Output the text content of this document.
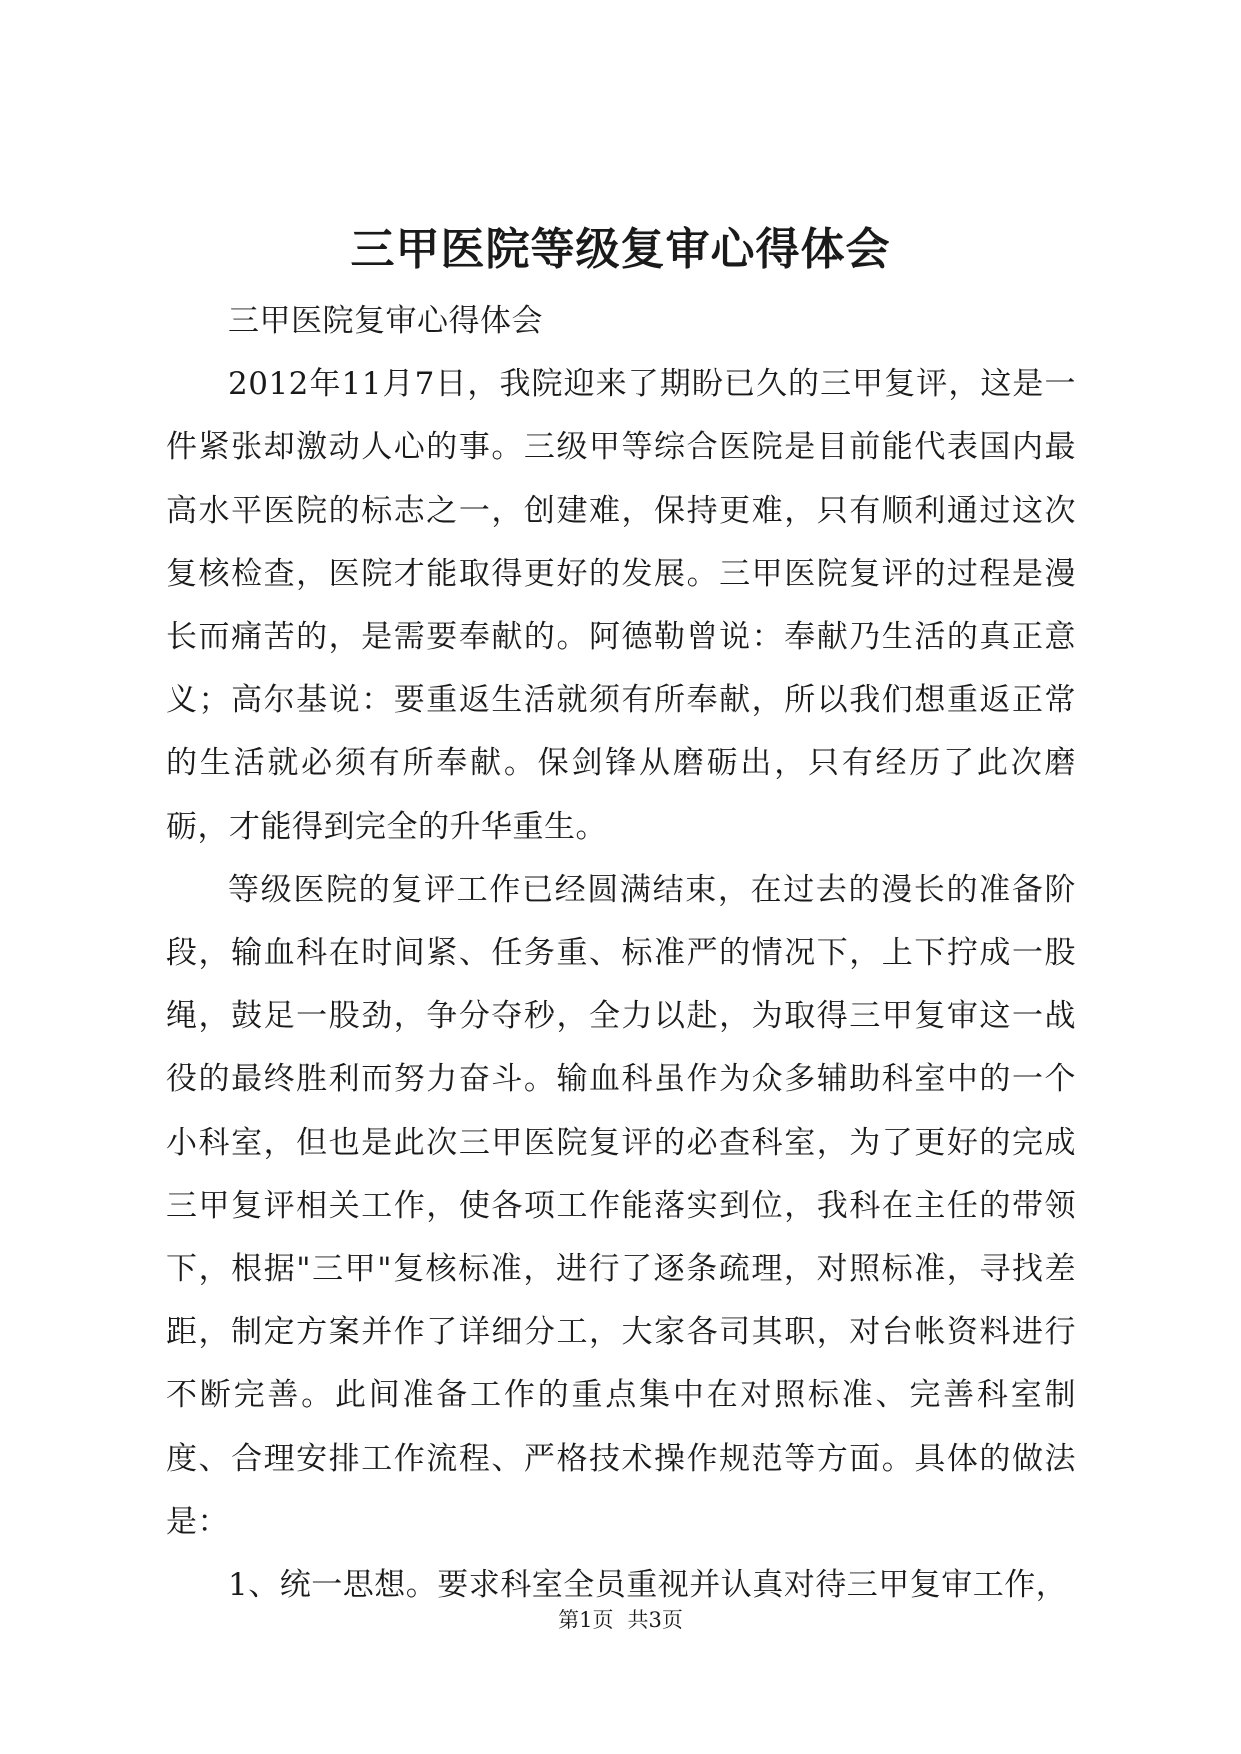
三甲医院等级复审心得体会

三甲医院复审心得体会

2012年11月7日，我院迎来了期盼已久的三甲复评，这是一件紧张却激动人心的事。三级甲等综合医院是目前能代表国内最高水平医院的标志之一，创建难，保持更难，只有顺利通过这次复核检查，医院才能取得更好的发展。三甲医院复评的过程是漫长而痛苦的，是需要奉献的。阿德勒曾说：奉献乃生活的真正意义；高尔基说：要重返生活就须有所奉献，所以我们想重返正常的生活就必须有所奉献。保剑锋从磨砺出，只有经历了此次磨砺，才能得到完全的升华重生。

等级医院的复评工作已经圆满结束，在过去的漫长的准备阶段，输血科在时间紧、任务重、标准严的情况下，上下拧成一股绳，鼓足一股劲，争分夺秒，全力以赴，为取得三甲复审这一战役的最终胜利而努力奋斗。输血科虽作为众多辅助科室中的一个小科室，但也是此次三甲医院复评的必查科室，为了更好的完成三甲复评相关工作，使各项工作能落实到位，我科在主任的带领下，根据"三甲"复核标准，进行了逐条疏理，对照标准，寻找差距，制定方案并作了详细分工，大家各司其职，对台帐资料进行不断完善。此间准备工作的重点集中在对照标准、完善科室制度、合理安排工作流程、严格技术操作规范等方面。具体的做法是：

1、统一思想。要求科室全员重视并认真对待三甲复审工作，

第1页 共3页
